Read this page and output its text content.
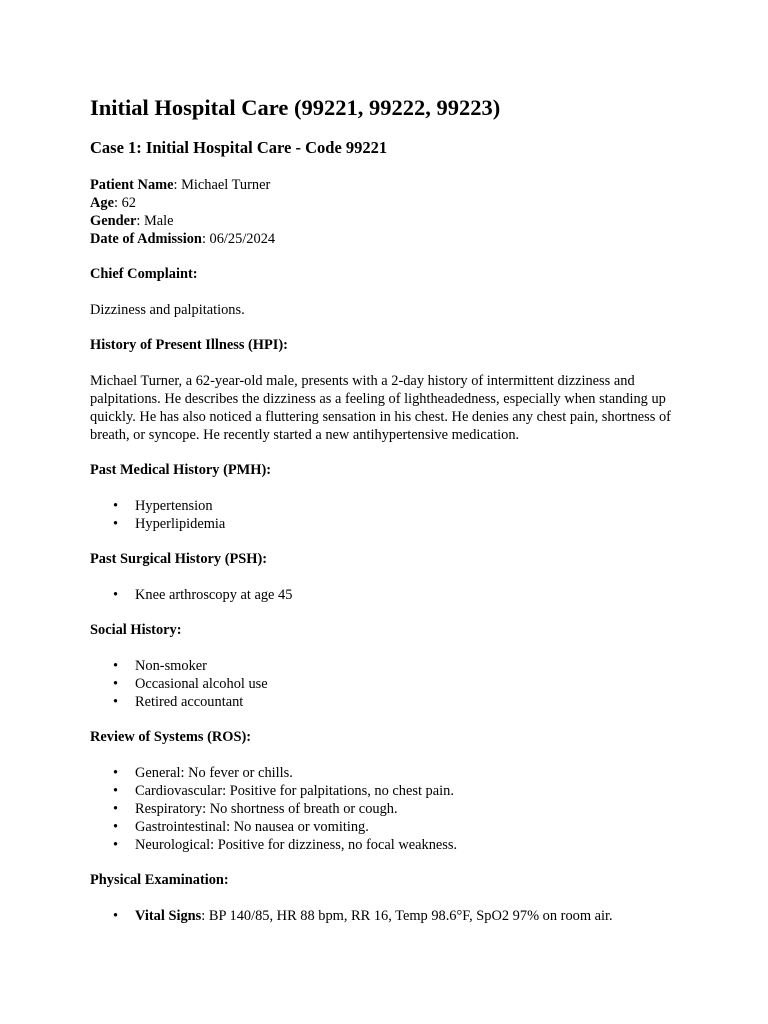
Initial Hospital Care (99221, 99222, 99223)
Case 1: Initial Hospital Care - Code 99221

Patient Name: Michael Turner

Age: 62

Gender: Male

Date of Admission: 06/25/2024

Chief Complaint:

Dizziness and palpitations.

History of Present Illness (HPI):

Michael Turner, a 62-year-old male, presents with a 2-day history of intermittent dizziness and palpitations. He describes the dizziness as a feeling of lightheadedness, especially when standing up quickly. He has also noticed a fluttering sensation in his chest. He denies any chest pain, shortness of breath, or syncope. He recently started a new antihypertensive medication.

Past Medical History (PMH):

• Hypertension
• Hyperlipidemia

Past Surgical History (PSH):

• Knee arthroscopy at age 45

Social History:

• Non-smoker
• Occasional alcohol use
• Retired accountant

Review of Systems (ROS):

• General: No fever or chills.
• Cardiovascular: Positive for palpitations, no chest pain.
• Respiratory: No shortness of breath or cough.
• Gastrointestinal: No nausea or vomiting.
• Neurological: Positive for dizziness, no focal weakness.

Physical Examination:

• Vital Signs: BP 140/85, HR 88 bpm, RR 16, Temp 98.6°F, SpO2 97% on room air.
